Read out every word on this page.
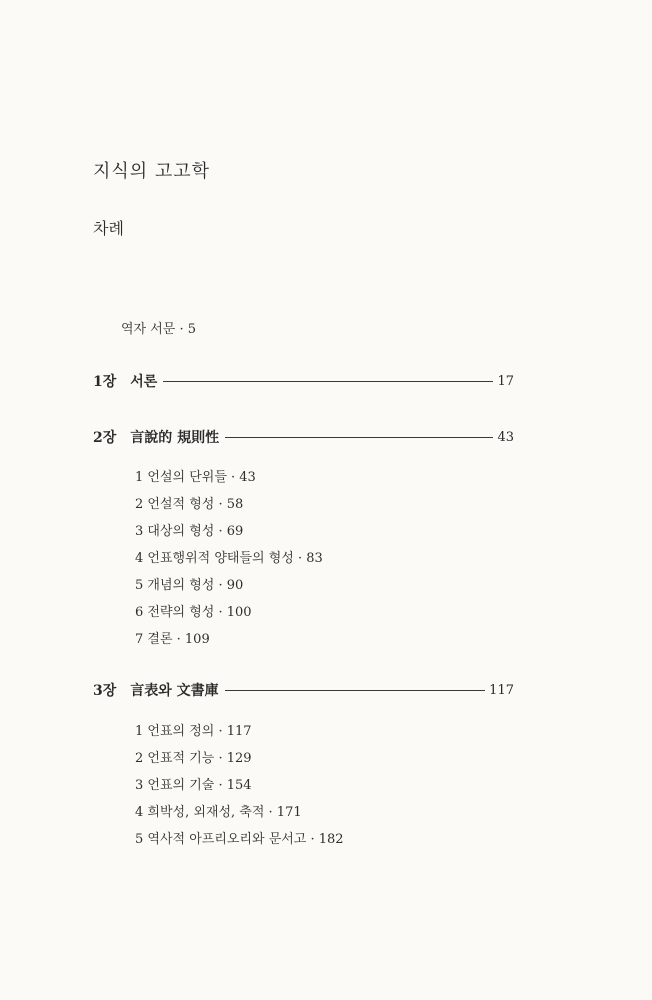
지식의 고고학
차례
역자 서문 · 5
1장 서론	17
2장 言說的 規則性	43
1 언설의 단위들 · 43
2 언설적 형성 · 58
3 대상의 형성 · 69
4 언표행위적 양태들의 형성 · 83
5 개념의 형성 · 90
6 전략의 형성 · 100
7 결론 · 109
3장 言表와 文書庫	117
1 언표의 정의 · 117
2 언표적 기능 · 129
3 언표의 기술 · 154
4 희박성, 외재성, 축적 · 171
5 역사적 아프리오리와 문서고 · 182
